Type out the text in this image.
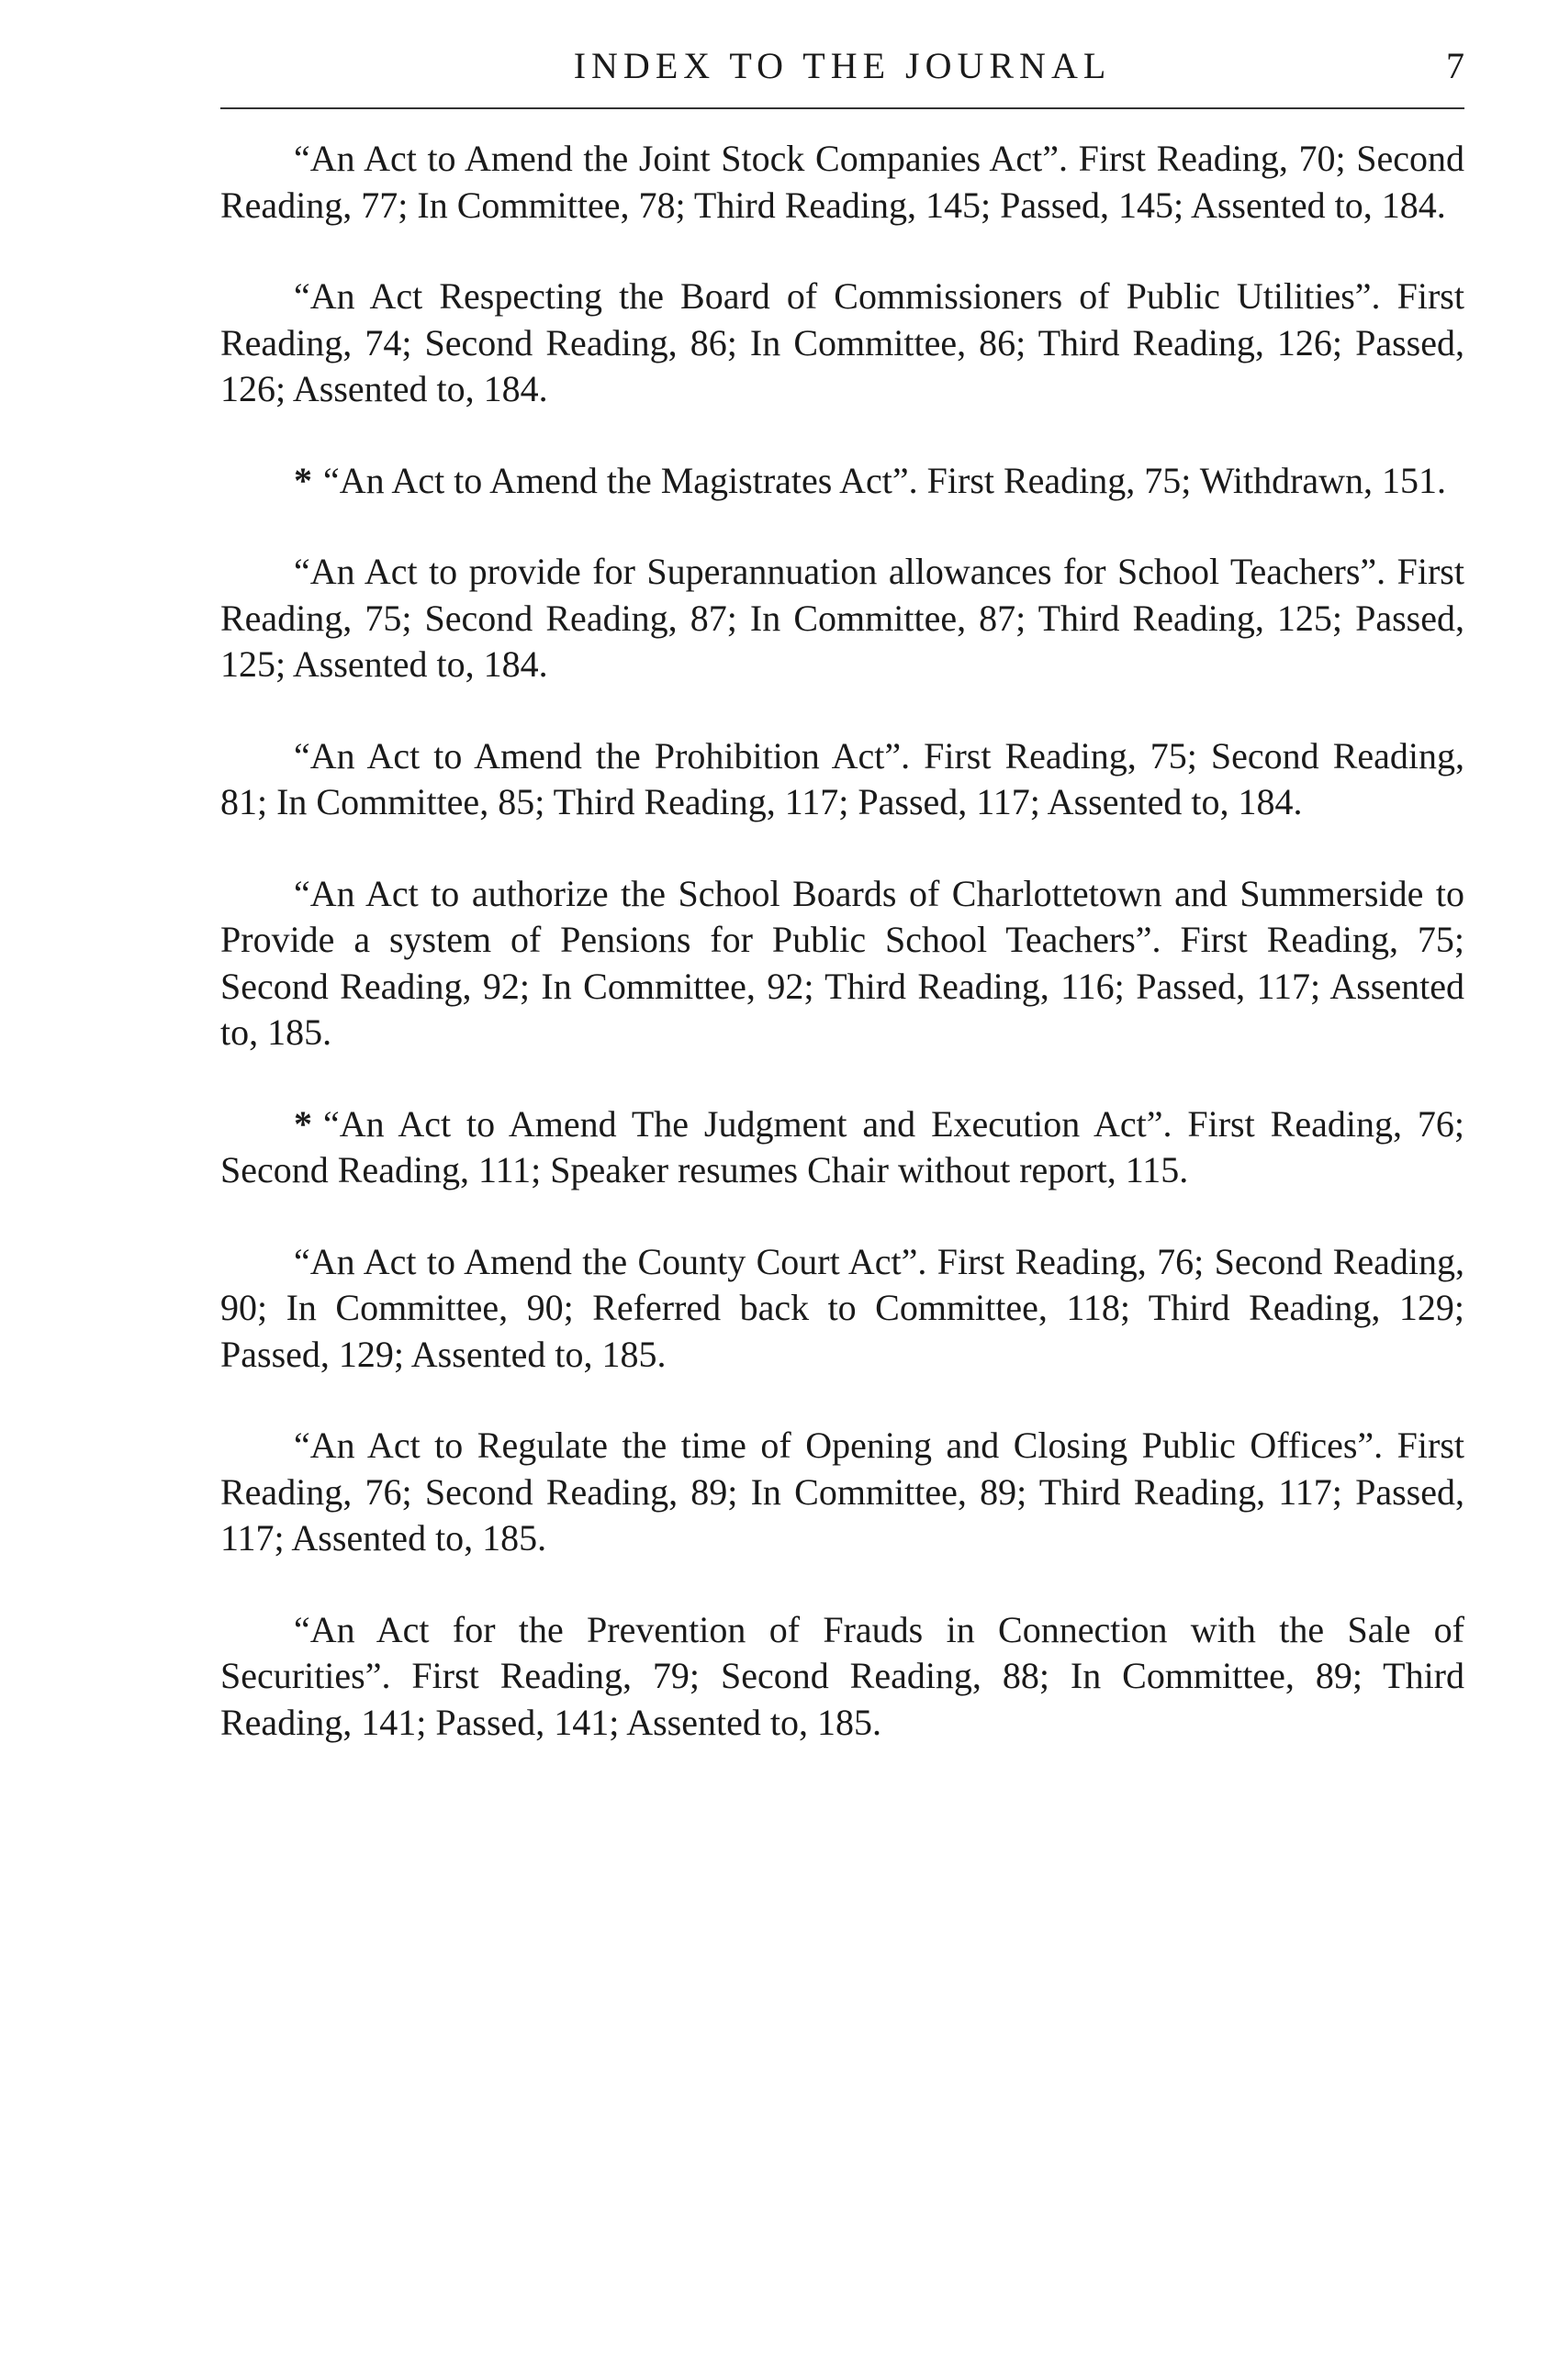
INDEX TO THE JOURNAL	7

“An Act to Amend the Joint Stock Companies Act”. First Reading, 70; Second Reading, 77; In Committee, 78; Third Reading, 145; Passed, 145; Assented to, 184.

“An Act Respecting the Board of Commissioners of Public Utilities”. First Reading, 74; Second Reading, 86; In Committee, 86; Third Reading, 126; Passed, 126; Assented to, 184.

* “An Act to Amend the Magistrates Act”. First Reading, 75; Withdrawn, 151.

“An Act to provide for Superannuation allowances for School Teachers”. First Reading, 75; Second Reading, 87; In Committee, 87; Third Reading, 125; Passed, 125; Assented to, 184.

“An Act to Amend the Prohibition Act”. First Reading, 75; Second Reading, 81; In Committee, 85; Third Reading, 117; Passed, 117; Assented to, 184.

“An Act to authorize the School Boards of Charlottetown and Summerside to Provide a system of Pensions for Public School Teachers”. First Reading, 75; Second Reading, 92; In Committee, 92; Third Reading, 116; Passed, 117; Assented to, 185.

* “An Act to Amend The Judgment and Execution Act”. First Reading, 76; Second Reading, 111; Speaker resumes Chair without report, 115.

“An Act to Amend the County Court Act”. First Reading, 76; Second Reading, 90; In Committee, 90; Referred back to Committee, 118; Third Reading, 129; Passed, 129; Assented to, 185.

“An Act to Regulate the time of Opening and Closing Public Offices”. First Reading, 76; Second Reading, 89; In Committee, 89; Third Reading, 117; Passed, 117; Assented to, 185.

“An Act for the Prevention of Frauds in Connection with the Sale of Securities”. First Reading, 79; Second Reading, 88; In Committee, 89; Third Reading, 141; Passed, 141; Assented to, 185.
